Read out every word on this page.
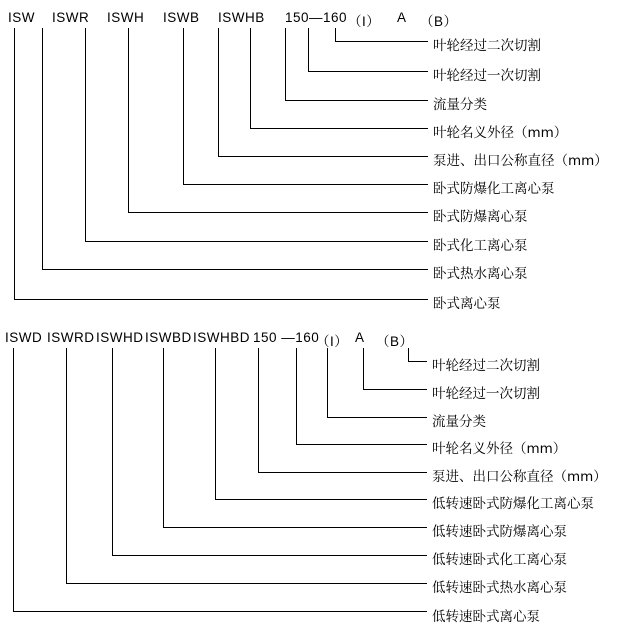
ISW ISWR ISWH ISWB ISWHB 150—160 （I） A （B）
叶轮经过二次切割
叶轮经过一次切割
流量分类
叶轮名义外径（mm）
泵进、出口公称直径（mm）
卧式防爆化工离心泵
卧式防爆离心泵
卧式化工离心泵
卧式热水离心泵
卧式离心泵
ISWD ISWRD ISWHD ISWBD ISWHBD 150 —160
（I） A （B）
叶轮经过二次切割
叶轮经过一次切割
流量分类
叶轮名义外径（mm）
泵进、出口公称直径（mm）
低转速卧式防爆化工离心泵
低转速卧式防爆离心泵
低转速卧式化工离心泵
低转速卧式热水离心泵
低转速卧式离心泵
